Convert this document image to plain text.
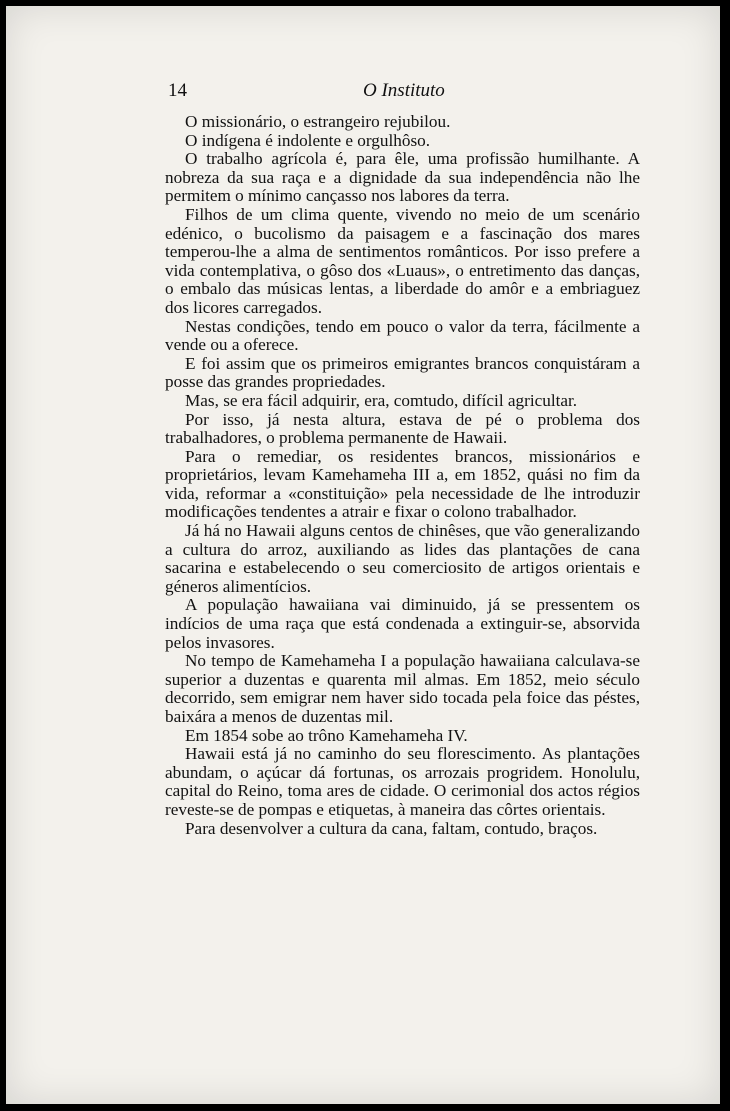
14	O Instituto

O missionário, o estrangeiro rejubilou.

O indígena é indolente e orgulhôso.

O trabalho agrícola é, para êle, uma profissão humilhante. A nobreza da sua raça e a dignidade da sua independência não lhe permitem o mínimo cançasso nos labores da terra.

Filhos de um clima quente, vivendo no meio de um scenário edénico, o bucolismo da paisagem e a fascinação dos mares temperou-lhe a alma de sentimentos românticos. Por isso prefere a vida contemplativa, o gôso dos «Luaus», o entretimento das danças, o embalo das músicas lentas, a liberdade do amôr e a embriaguez dos licores carregados.

Nestas condições, tendo em pouco o valor da terra, fácilmente a vende ou a oferece.

E foi assim que os primeiros emigrantes brancos conquistáram a posse das grandes propriedades.

Mas, se era fácil adquirir, era, comtudo, difícil agricultar.

Por isso, já nesta altura, estava de pé o problema dos trabalhadores, o problema permanente de Hawaii.

Para o remediar, os residentes brancos, missionários e proprietários, levam Kamehameha III a, em 1852, quási no fim da vida, reformar a «constituição» pela necessidade de lhe introduzir modificações tendentes a atrair e fixar o colono trabalhador.

Já há no Hawaii alguns centos de chinêses, que vão generalizando a cultura do arroz, auxiliando as lides das plantações de cana sacarina e estabelecendo o seu comerciosito de artigos orientais e géneros alimentícios.

A população hawaiiana vai diminuido, já se pressentem os indícios de uma raça que está condenada a extinguir-se, absorvida pelos invasores.

No tempo de Kamehameha I a população hawaiiana calculava-se superior a duzentas e quarenta mil almas. Em 1852, meio século decorrido, sem emigrar nem haver sido tocada pela foice das péstes, baixára a menos de duzentas mil.

Em 1854 sobe ao trôno Kamehameha IV.

Hawaii está já no caminho do seu florescimento. As plantações abundam, o açúcar dá fortunas, os arrozais progridem. Honolulu, capital do Reino, toma ares de cidade. O cerimonial dos actos régios reveste-se de pompas e etiquetas, à maneira das côrtes orientais.

Para desenvolver a cultura da cana, faltam, contudo, braços.
